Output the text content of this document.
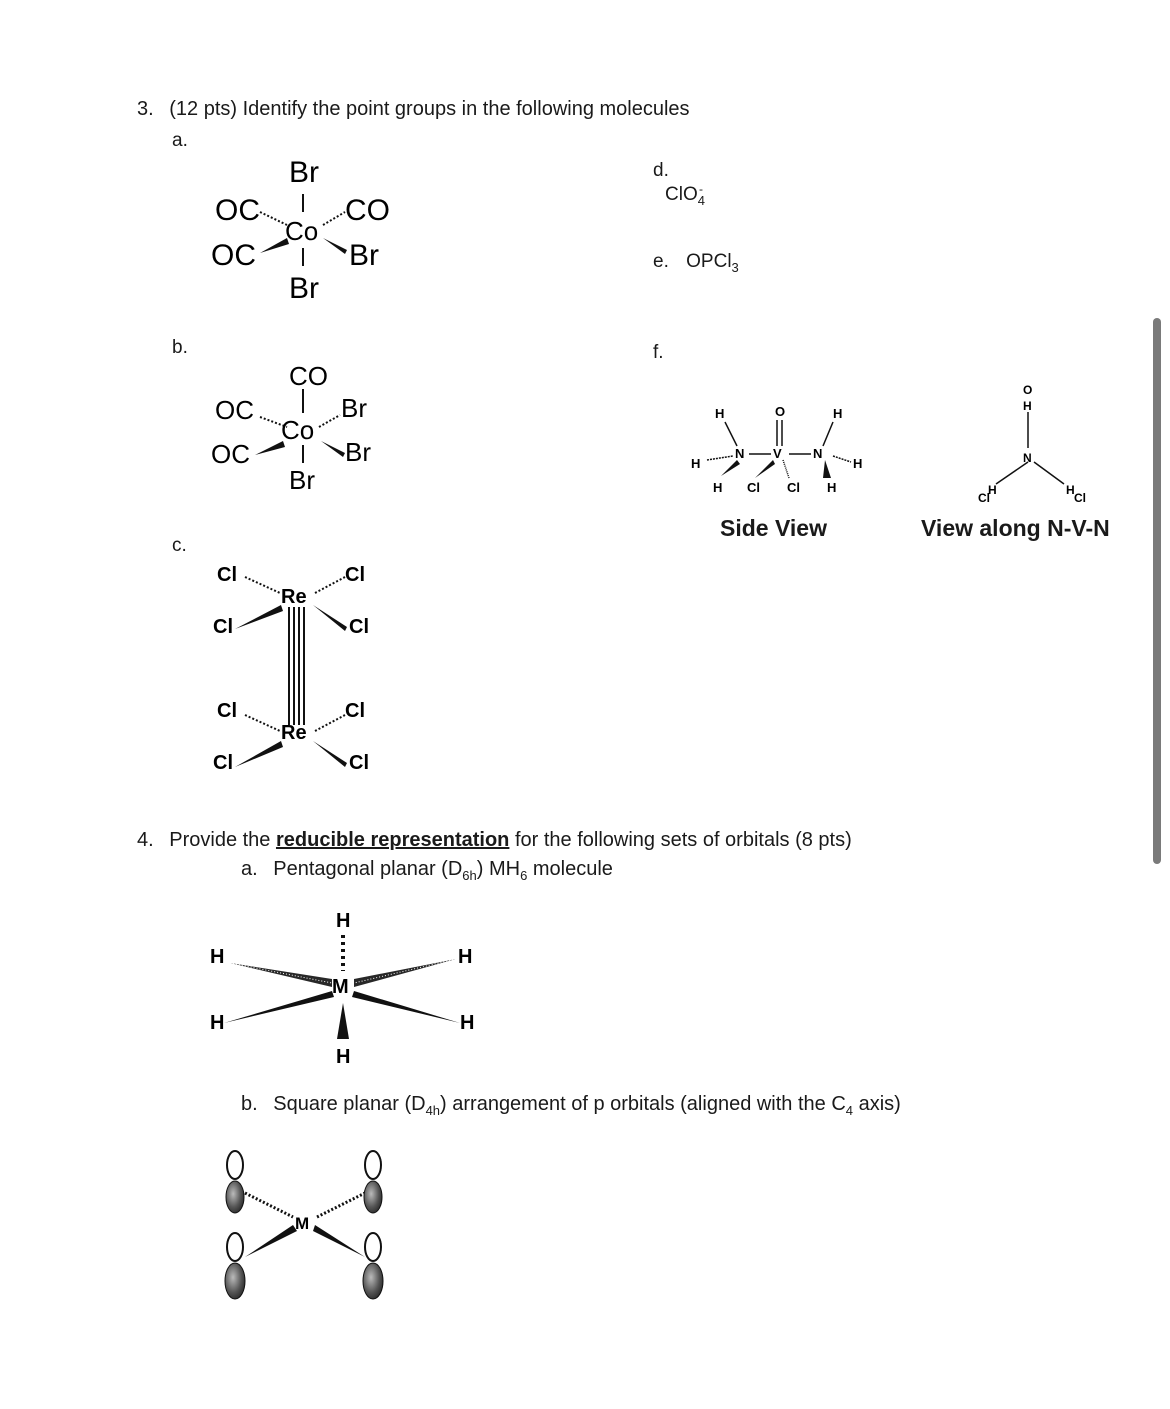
3. (12 pts) Identify the point groups in the following molecules
a.
b.
c.
d. ClO$_4$-
e. OPCl$_3$
f.
Br
OC	CO
Co
OC	Br
Br
CO
OC
Co
Br
OC	Br
Br
Cl	Cl
Re
Cl	Cl
Cl	Cl
Re
Cl	Cl
H	O	H
N V N
H	H
H Cl Cl H
Side View
O
H
N
Cl
H	H
Cl
View along N-V-N
4. Provide the reducible representation for the following sets of orbitals (8 pts)
a. Pentagonal planar $(D_{6h})$ $MH_6$ molecule
H
H	H
M
H	H
H
b. Square planar $(D_{4h})$ arrangement of p orbitals (aligned with the $C_4$ axis)
M
